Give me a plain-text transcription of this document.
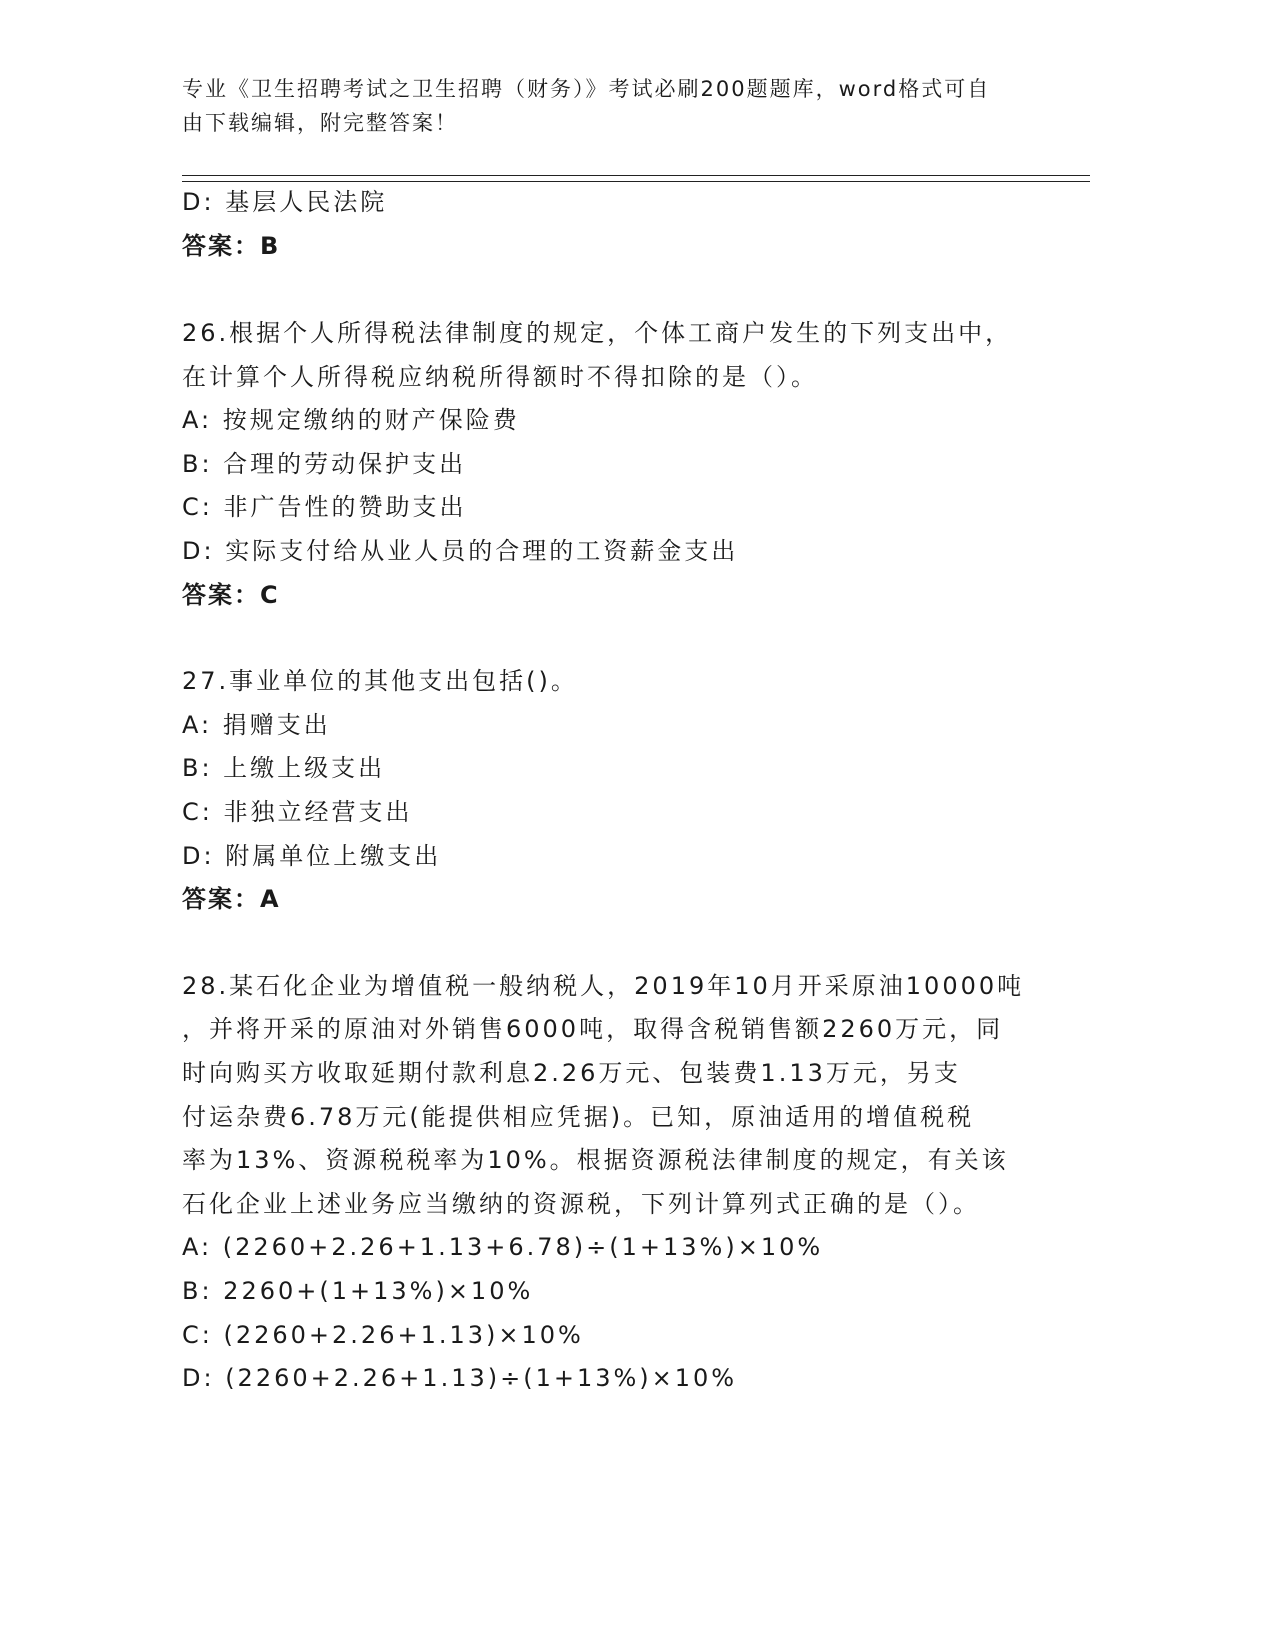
专业《卫生招聘考试之卫生招聘（财务）》考试必刷200题题库，word格式可自
由下载编辑，附完整答案！
D: 基层人民法院
答案：B
26.根据个人所得税法律制度的规定，个体工商户发生的下列支出中，
在计算个人所得税应纳税所得额时不得扣除的是（）。
A: 按规定缴纳的财产保险费
B: 合理的劳动保护支出
C: 非广告性的赞助支出
D: 实际支付给从业人员的合理的工资薪金支出
答案：C
27.事业单位的其他支出包括()。
A: 捐赠支出
B: 上缴上级支出
C: 非独立经营支出
D: 附属单位上缴支出
答案：A
28.某石化企业为增值税一般纳税人，2019年10月开采原油10000吨
，并将开采的原油对外销售6000吨，取得含税销售额2260万元，同
时向购买方收取延期付款利息2.26万元、包装费1.13万元，另支
付运杂费6.78万元(能提供相应凭据)。已知，原油适用的增值税税
率为13%、资源税税率为10%。根据资源税法律制度的规定，有关该
石化企业上述业务应当缴纳的资源税，下列计算列式正确的是（）。
A: (2260+2.26+1.13+6.78)÷(1+13%)×10%
B: 2260+(1+13%)×10%
C: (2260+2.26+1.13)×10%
D: (2260+2.26+1.13)÷(1+13%)×10%
